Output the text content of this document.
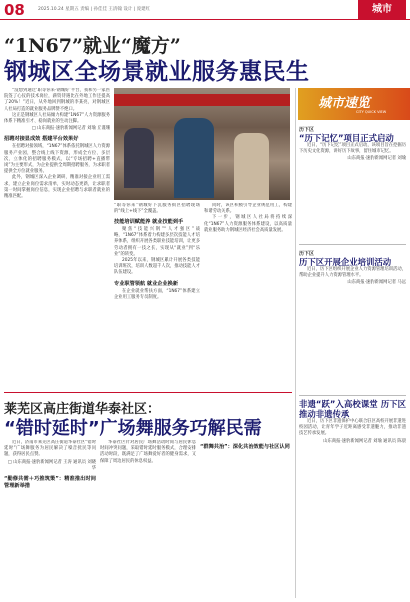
08	2025.10.24 星期五 责编 | 孙佳佳 王清翰 设计 | 庞建红	城市
“1N67”就业“魔方”
钢城区全场景就业服务惠民生

“没想到通过‘职等你来·钢城好’平台，我和另一家医院签了心仪的技术岗位，薪资待遇比在外地工作还提高了20%！”近日，从外地回到钢城的李某亮，对钢城区人社局打造的就业服务品牌赞不绝口。

这正是钢城区人社局倾力构建“1N67”人力资源服务体系下精准引才、稳岗就业的生动注脚。

□ 山东商报·速豹新闻网记者 刘瑜 丘谨珊
招聘对接显成效 搭建平台效果好

在招聘对接领域，“1N67”体系依托钢城区人力资源服务产业园，整合线上线下资源，形成全方位、多层次、立体化的招聘服务模式，以“专场招聘+直播带岗”为主要形式，为企业提供全周期招聘服务，为求职者提供全方位就业服务。

此外，钢城区深入企业调研，精准对接企业用工需求，建立企业岗位需求清单，实时动态更新，让求职者第一时间掌握岗位信息，实现企业招聘与求职者就业的精准匹配。

“职等你来”钢城好下沉服务街区招聘现场的“线上+线下”全覆盖。
技能培训赋能养 就业技能到手

聚焦“技能兴钢”“人才强区”战略，“1N67”体系着力构建多层次技能人才培养体系，组织开展各类职业技能培训，让更多劳动者拥有一技之长，实现从“就业”到“乐业”的转变。

2025年以来，钢城区累计开展各类技能培训班次，培训人数超千人次，推动技能人才队伍建设。

专业职管领航 就业企业换新

在企业就业帮扶方面，“1N67”体系建立企业用工服务专员制度。

同时，该区积极引导企业规范用工，构建和谐劳动关系。

下一步，钢城区人社局将持续深化“1N67”人力资源服务体系建设，以高质量就业服务助力钢城区经济社会高质量发展。

城市速览
CITY QUICK VIEW
历下区
“历下记忆”项目正式启动

近日，“历下记忆”项目正式启动，该项目旨在挖掘历下历史文化资源，讲好历下故事，留住城市记忆。

山东商报·速豹新闻网记者 刘瑜
历下区
历下区开展企业培训活动

近日，历下区组织开展企业人力资源管理培训活动，帮助企业提升人力资源管理水平。

山东商报·速豹新闻网记者 马远
非遗“跃”入高校课堂 历下区推动非遗传承

近日，历下区非遗保护中心联合驻区高校开展非遗进校园活动，让青年学子近距离感受非遗魅力，推动非遗技艺传承发展。

山东商报·速豹新闻网记者 刘瑜 通讯员 陈晨
莱芜区高庄街道华泰社区：
“错时延时”广场舞服务巧解民需

近日，济南市莱芜区高庄街道华泰社区“错时延时”广场舞服务为居民解决了噪音扰民等问题，获得居民点赞。

□ 山东商报·速豹新闻网记者 王涛 通讯员 刘晓华
“勤修共需＋巧推筑策”：精准推出时间管理新举措

华泰社区针对居民广场舞活动时间与居民休息时间冲突问题，采取错时延时服务模式，合理安排活动时段，既满足了广场舞爱好者的健身需求，又保障了周边居民的休息权益。

“群舞共治”：深化共治效能与社区认同
